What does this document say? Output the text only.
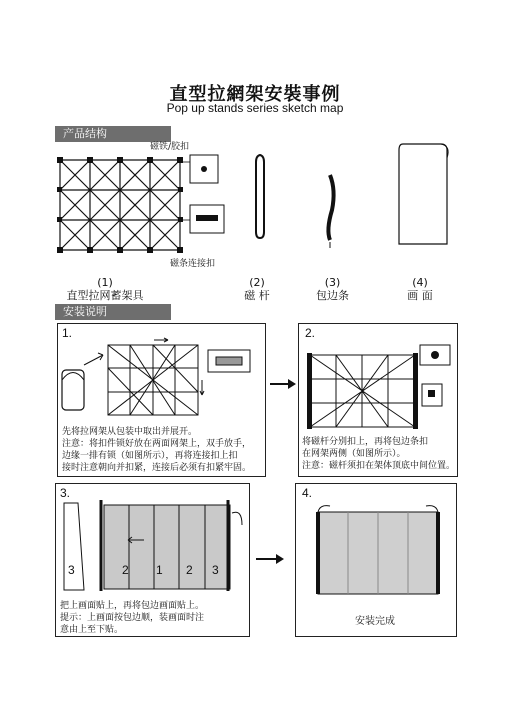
直型拉網架安裝事例
Pop up stands series sketch map
产品结构
磁铁/胶扣
磁条连接扣
(1)
直型拉网蓄架具
(2)
磁 杆
(3)
包边条
(4)
画 面
安装说明
1.
先将拉网架从包装中取出并展开。
注意：将扣件锁好放在两面网架上，双手放手，
边缘一排有锁（如图所示），再将连接扣上扣
接时注意朝向并扣紧，连接后必须有扣紧牢固。
2.
将磁杆分别扣上，再将包边条扣
在网架两侧（如图所示）。
注意：磁杆须扣在架体顶底中间位置。
3.
3	2 1 2 3
把上画面贴上，再将包边画面贴上。
提示：上画面按包边顺，装画面时注
意由上至下贴。
4.
安装完成
